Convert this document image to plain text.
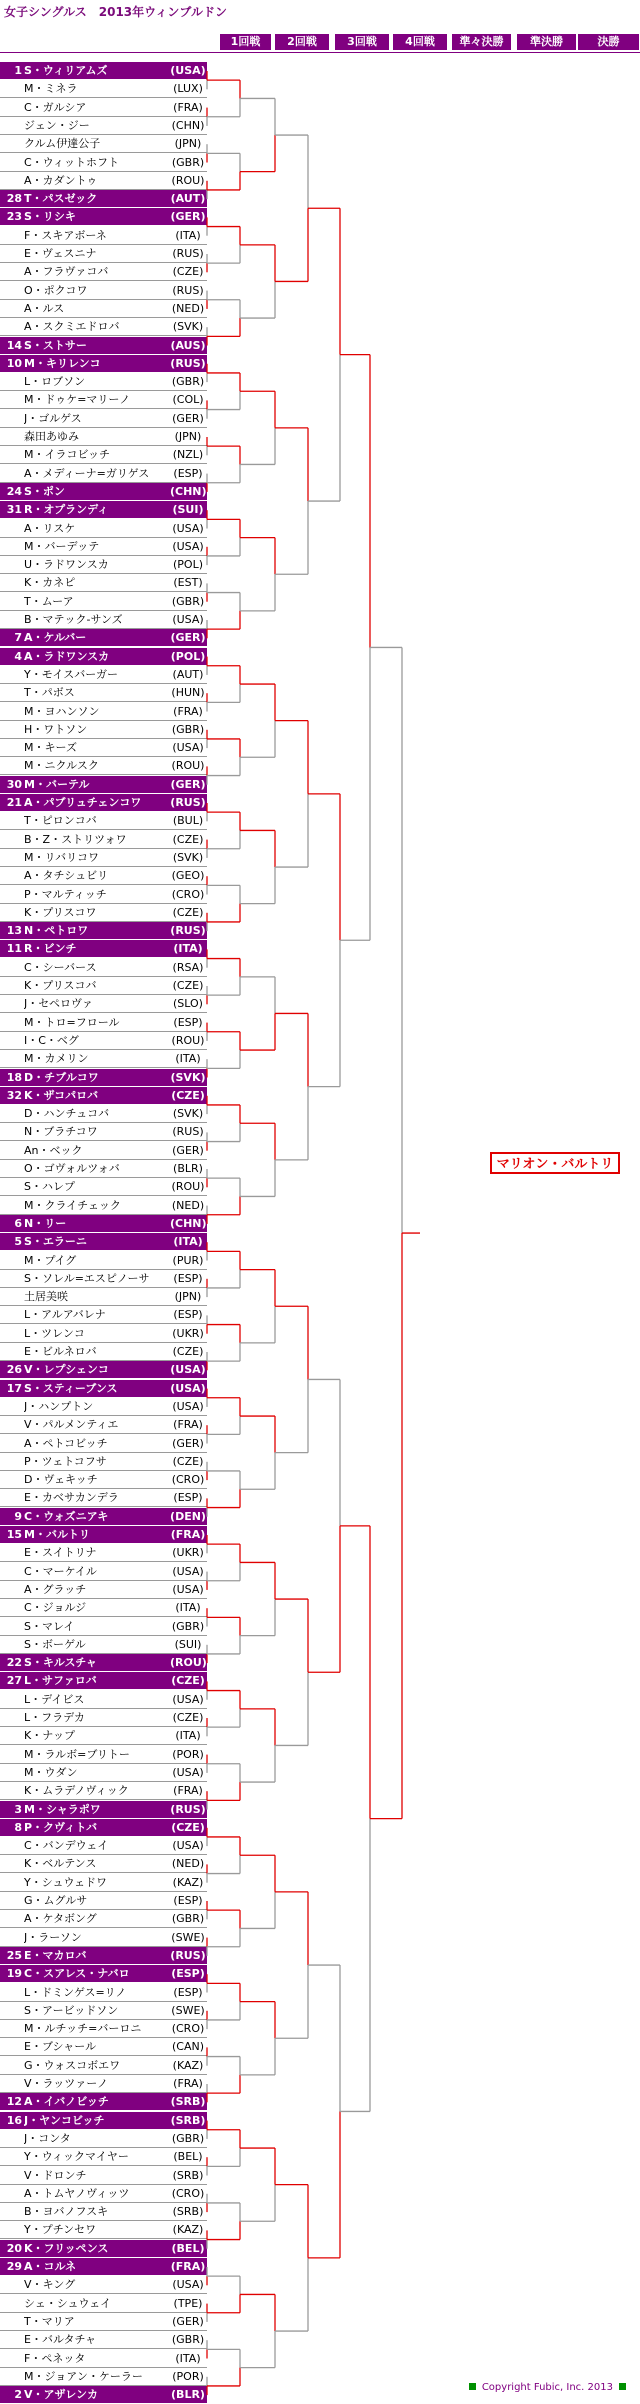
女子シングルス　2013年ウィンブルドン
1回戦	2回戦	3回戦	4回戦	準々決勝	準決勝	決勝
1 S・ウィリアムズ	(USA)
M・ミネラ	(LUX)
C・ガルシア	(FRA)
ジェン・ジー	(CHN)
クルム伊達公子	(JPN)
C・ウィットホフト	(GBR)
A・カダントゥ	(ROU)
28 T・パスゼック	(AUT)
23 S・リシキ	(GER)
F・スキアボーネ	(ITA)
E・ヴェスニナ	(RUS)
A・フラヴァコバ	(CZE)
O・ポクコワ	(RUS)
A・ルス	(NED)
A・スクミエドロバ	(SVK)
14 S・ストサー	(AUS)
10 M・キリレンコ	(RUS)
L・ロブソン	(GBR)
M・ドゥケ=マリーノ	(COL)
J・ゴルゲス	(GER)
森田あゆみ	(JPN)
M・イラコビッチ	(NZL)
A・メディーナ=ガリゲス	(ESP)
24 S・ポン	(CHN)
31 R・オプランディ	(SUI)
A・リスケ	(USA)
M・バーデッテ	(USA)
U・ラドワンスカ	(POL)
K・カネピ	(EST)
T・ムーア	(GBR)
B・マテック-サンズ	(USA)
7 A・ケルバー	(GER)
4 A・ラドワンスカ	(POL)
Y・モイスバーガー	(AUT)
T・パボス	(HUN)
M・ヨハンソン	(FRA)
H・ワトソン	(GBR)
M・キーズ	(USA)
M・ニクルスク	(ROU)
30 M・バーテル	(GER)
21 A・パブリュチェンコワ	(RUS)
T・ピロンコバ	(BUL)
B・Z・ストリツォワ	(CZE)
M・リバリコワ	(SVK)
A・タチシュビリ	(GEO)
P・マルティッチ	(CRO)
K・プリスコワ	(CZE)
13 N・ペトロワ	(RUS)
11 R・ビンチ	(ITA)
C・シーバース	(RSA)
K・プリスコバ	(CZE)
J・セペロヴァ	(SLO)
M・トロ=フロール	(ESP)
I・C・ベグ	(ROU)
M・カメリン	(ITA)
18 D・チブルコワ	(SVK)
32 K・ザコパロバ	(CZE)
D・ハンチュコバ	(SVK)
N・ブラチコワ	(RUS)
An・ベック	(GER)
O・ゴヴォルツォバ	(BLR)
S・ハレプ	(ROU)
M・クライチェック	(NED)
6 N・リー	(CHN)
5 S・エラーニ	(ITA)
M・プイグ	(PUR)
S・ソレル=エスピノーサ	(ESP)
土居美咲	(JPN)
L・アルアバレナ	(ESP)
L・ツレンコ	(UKR)
E・ビルネロバ	(CZE)
26 V・レプシェンコ	(USA)
17 S・スティーブンス	(USA)
J・ハンプトン	(USA)
V・パルメンティエ	(FRA)
A・ペトコビッチ	(GER)
P・ツェトコフサ	(CZE)
D・ヴェキッチ	(CRO)
E・カベサカンデラ	(ESP)
9 C・ウォズニアキ	(DEN)
15 M・バルトリ	(FRA)
E・スイトリナ	(UKR)
C・マーケイル	(USA)
A・グラッチ	(USA)
C・ジョルジ	(ITA)
S・マレイ	(GBR)
S・ボーゲル	(SUI)
22 S・キルスチャ	(ROU)
27 L・サファロバ	(CZE)
L・デイビス	(USA)
L・フラデカ	(CZE)
K・ナップ	(ITA)
M・ラルボ=ブリトー	(POR)
M・ウダン	(USA)
K・ムラデノヴィック	(FRA)
3 M・シャラポワ	(RUS)
8 P・クヴィトバ	(CZE)
C・バンデウェイ	(USA)
K・ベルテンス	(NED)
Y・シュウェドワ	(KAZ)
G・ムグルサ	(ESP)
A・ケタボング	(GBR)
J・ラーソン	(SWE)
25 E・マカロバ	(RUS)
19 C・スアレス・ナバロ	(ESP)
L・ドミンゲス=リノ	(ESP)
S・アービッドソン	(SWE)
M・ルチッチ=バーロニ	(CRO)
E・ブシャール	(CAN)
G・ウォスコボエワ	(KAZ)
V・ラッツァーノ	(FRA)
12 A・イバノビッチ	(SRB)
16 J・ヤンコビッチ	(SRB)
J・コンタ	(GBR)
Y・ウィックマイヤー	(BEL)
V・ドロンチ	(SRB)
A・トムヤノヴィッツ	(CRO)
B・ヨバノフスキ	(SRB)
Y・プチンセワ	(KAZ)
20 K・フリッペンス	(BEL)
29 A・コルネ	(FRA)
V・キング	(USA)
シェ・シュウェイ	(TPE)
T・マリア	(GER)
E・バルタチャ	(GBR)
F・ペネッタ	(ITA)
M・ジョアン・ケーラー	(POR)
2 V・アザレンカ	(BLR)
マリオン・バルトリ
Copyright Fubic, Inc. 2013
